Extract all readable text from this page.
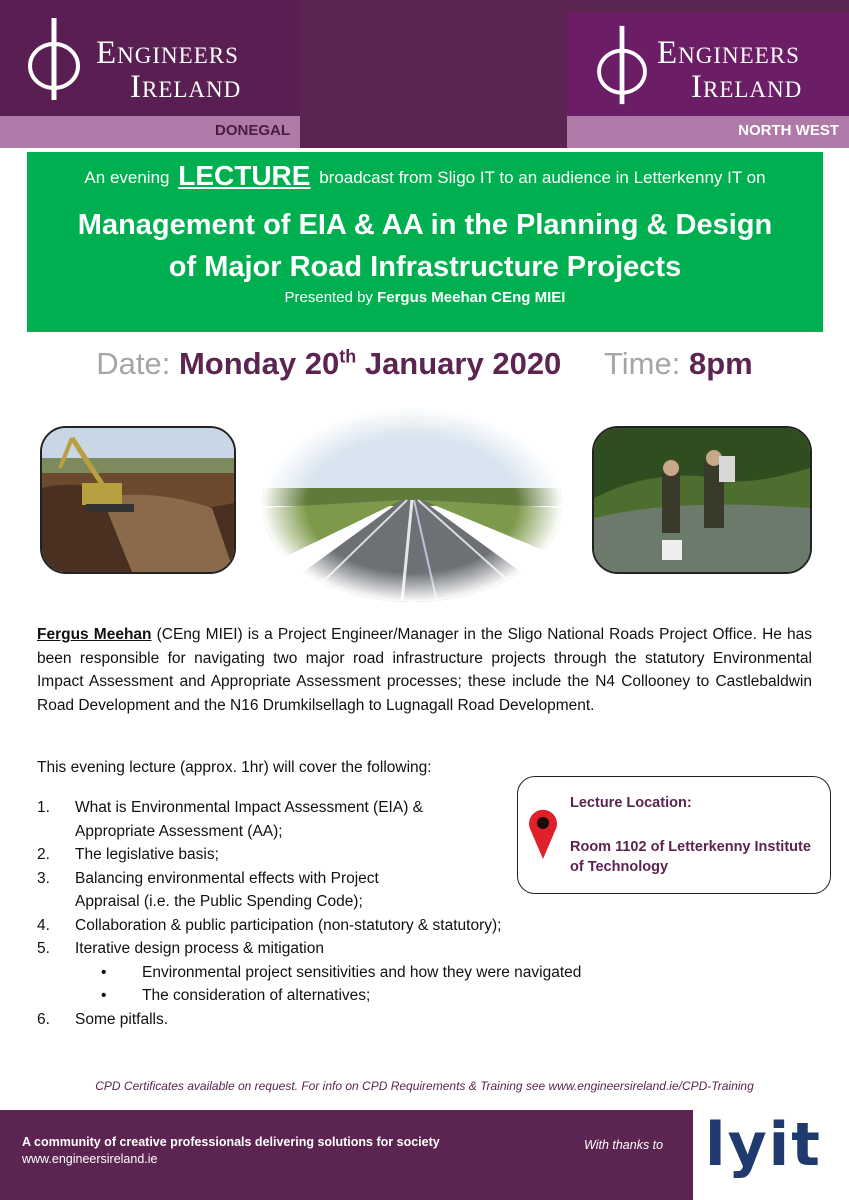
Engineers
Ireland
DONEGAL
Engineers
Ireland
NORTH WEST
An evening LECTURE broadcast from Sligo IT to an audience in Letterkenny IT on
Management of EIA & AA in the Planning & Design
of Major Road Infrastructure Projects
Presented by Fergus Meehan CEng MIEI
Date: Monday 20th January 2020 Time: 8pm
Fergus Meehan (CEng MIEI) is a Project Engineer/Manager in the Sligo National Roads Project Office. He has been responsible for navigating two major road infrastructure projects through the statutory Environmental Impact Assessment and Appropriate Assessment processes; these include the N4 Collooney to Castlebaldwin Road Development and the N16 Drumkilsellagh to Lugnagall Road Development.
This evening lecture (approx. 1hr) will cover the following:
1. What is Environmental Impact Assessment (EIA) &
Appropriate Assessment (AA);
2. The legislative basis;
3. Balancing environmental effects with Project
Appraisal (i.e. the Public Spending Code);
4. Collaboration & public participation (non-statutory & statutory);
5. Iterative design process & mitigation
• Environmental project sensitivities and how they were navigated
• The consideration of alternatives;
6. Some pitfalls.
Lecture Location:
Room 1102 of Letterkenny Institute of Technology
CPD Certificates available on request. For info on CPD Requirements & Training see www.engineersireland.ie/CPD-Training
A community of creative professionals delivering solutions for society
www.engineersireland.ie
With thanks to lyit
